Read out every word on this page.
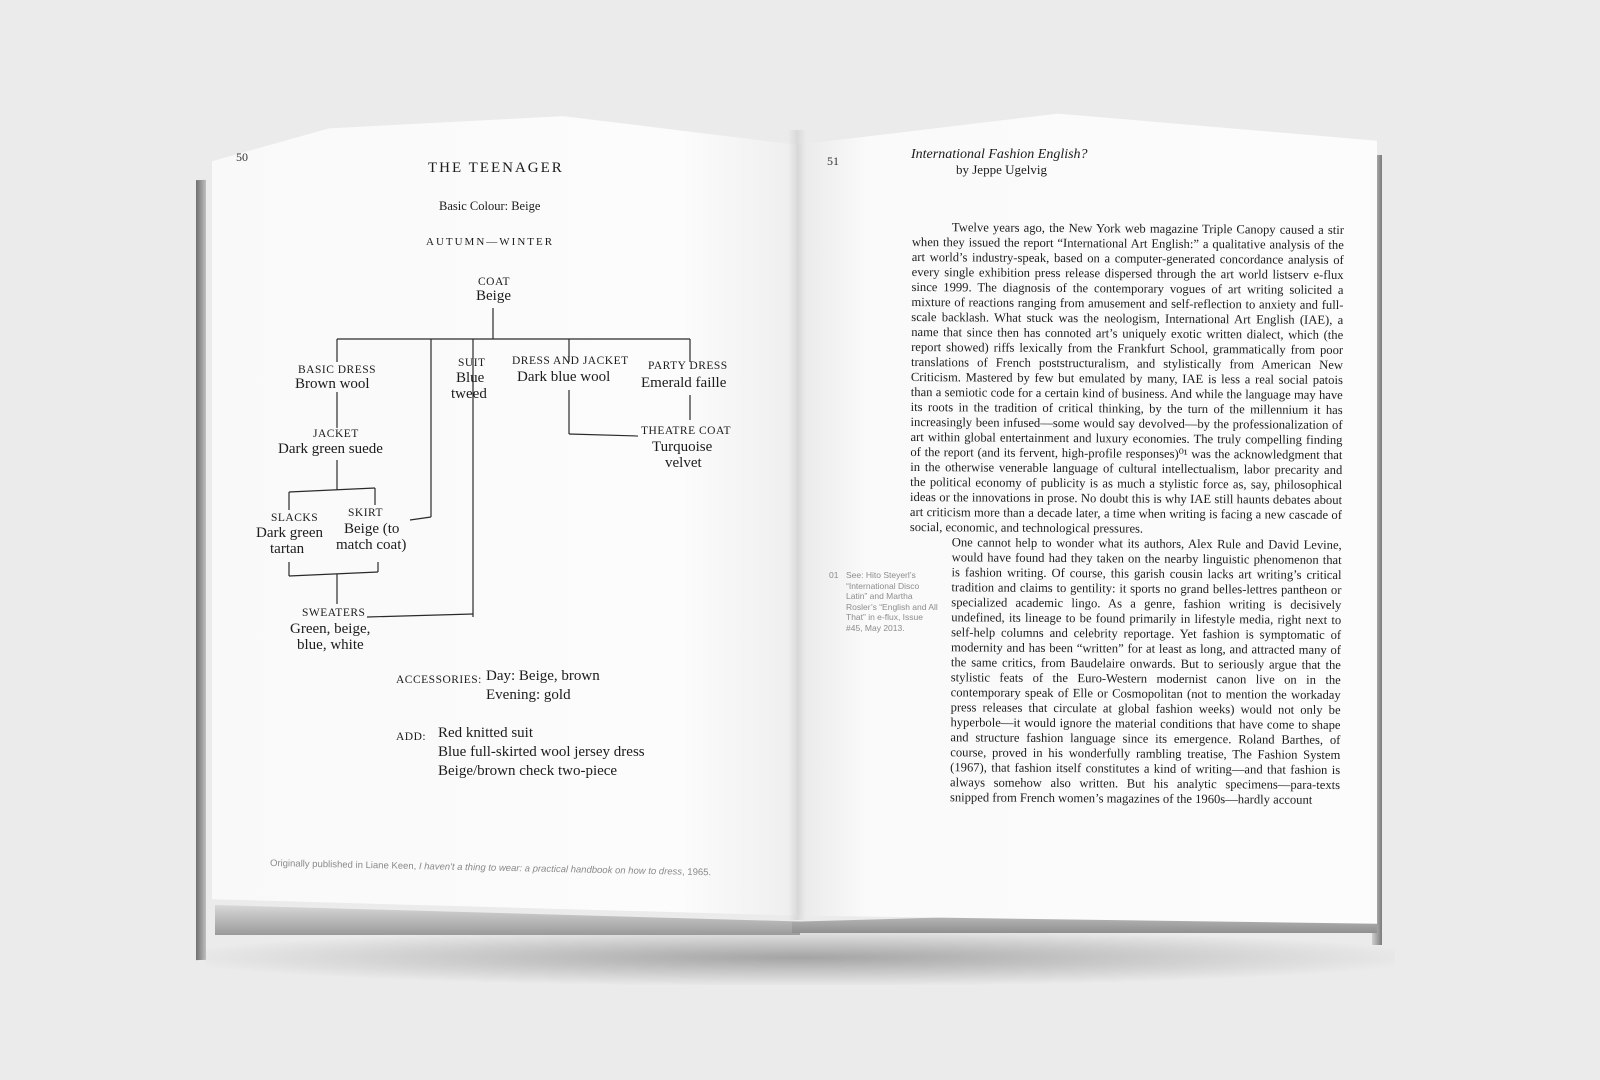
50
THE TEENAGER
Basic Colour: Beige
AUTUMN—WINTER
COAT
Beige
BASIC DRESS
Brown wool
SUIT
Blue
tweed
DRESS AND JACKET
Dark blue wool
PARTY DRESS
Emerald faille
JACKET
Dark green suede
THEATRE COAT
Turquoise
velvet
SLACKS
Dark green
tartan
SKIRT
Beige (to
match coat)
SWEATERS
Green, beige,
blue, white
ACCESSORIES: Day: Beige, brown
Evening: gold
ADD: Red knitted suit
Blue full-skirted wool jersey dress
Beige/brown check two-piece
Originally published in Liane Keen, I haven't a thing to wear: a practical handbook on how to dress, 1965.
51	International Fashion English?
by Jeppe Ugelvig

Twelve years ago, the New York web magazine Triple Canopy caused a stir when they issued the report “International Art English:” a qualitative analysis of the art world’s industry-speak, based on a computer-generated concordance analysis of every single exhibition press release dispersed through the art world listserv e-flux since 1999. The diagnosis of the contemporary vogues of art writing solicited a mixture of reactions ranging from amusement and self-reflection to anxiety and full-scale backlash. What stuck was the neologism, International Art English (IAE), a name that since then has connoted art’s uniquely exotic written dialect, which (the report showed) riffs lexically from the Frankfurt School, grammatically from poor translations of French poststructuralism, and stylistically from American New Criticism. Mastered by few but emulated by many, IAE is less a real social patois than a semiotic code for a certain kind of business. And while the language may have its roots in the tradition of critical thinking, by the turn of the millennium it has increasingly been infused—some would say devolved—by the professionalization of art within global entertainment and luxury economies. The truly compelling finding of the report (and its fervent, high-profile responses)⁰¹ was the acknowledgment that in the otherwise venerable language of cultural intellectualism, labor precarity and the political economy of publicity is as much a stylistic force as, say, philosophical ideas or the innovations in prose. No doubt this is why IAE still haunts debates about art criticism more than a decade later, a time when writing is facing a new cascade of social, economic, and technological pressures.

One cannot help to wonder what its authors, Alex Rule and David Levine, would have found had they taken on the nearby linguistic phenomenon that is fashion writing. Of course, this garish cousin lacks art writing’s critical tradition and claims to gentility: it sports no grand belles-lettres pantheon or specialized academic lingo. As a genre, fashion writing is decisively undefined, its lineage to be found primarily in lifestyle media, right next to self-help columns and celebrity reportage. Yet fashion is symptomatic of modernity and has been “written” for at least as long, and attracted many of the same critics, from Baudelaire onwards. But to seriously argue that the stylistic feats of the Euro-Western modernist canon live on in the contemporary speak of Elle or Cosmopolitan (not to mention the workaday press releases that circulate at global fashion weeks) would not only be hyperbole—it would ignore the material conditions that have come to shape and structure fashion language since its emergence. Roland Barthes, of course, proved in his wonderfully rambling treatise, The Fashion System (1967), that fashion itself constitutes a kind of writing—and that fashion is always somehow also written. But his analytic specimens—para-texts snipped from French women’s magazines of the 1960s—hardly account

01 See: Hito Steyerl’s “International Disco Latin” and Martha Rosler’s “English and All That” in e-flux, Issue #45, May 2013.
